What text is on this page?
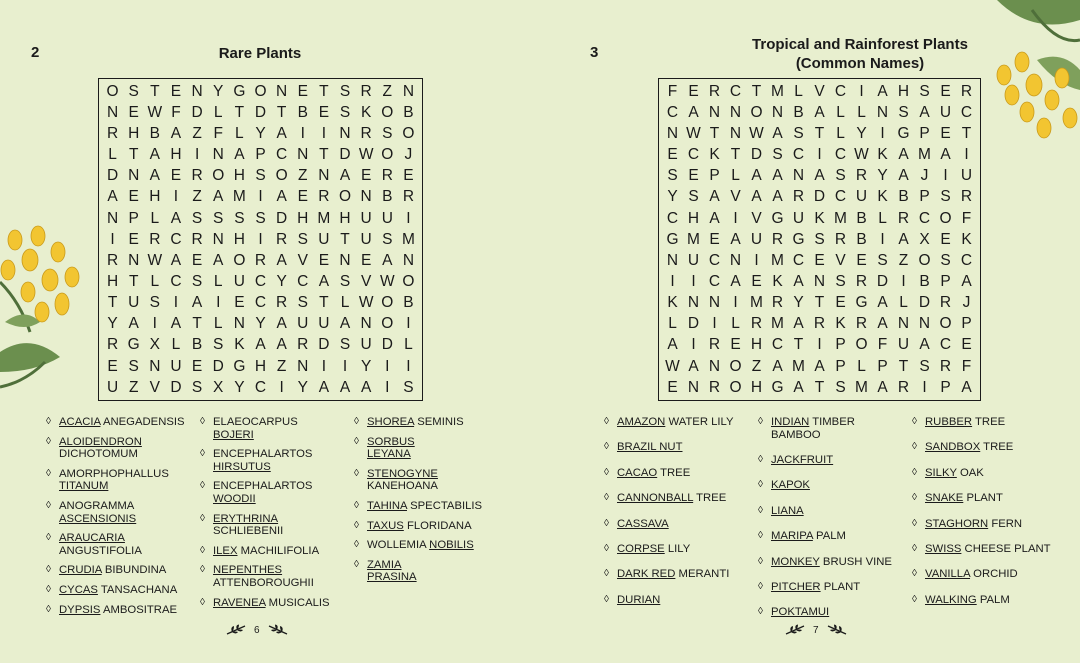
2	Rare Plants
O S T E N Y G O N E T S R Z N
N E W F D L T D T B E S K O B
R H B A Z F L Y A I	I N R S O
L T A H I N A P C N T D W O J
D N A E R O H S O Z N A E R E
A E H I Z A M I A E R O N B R
N P L A S S S S D H M H U U I
I E R C R N H I R S U T U S M
R N W A E A O R A V E N E A N
H T L C S L U C Y C A S V W O
T U S I A I E C R S T L W O B
Y A I A T L N Y A U U A N O I
R G X L B S K A A R D S U D L
E S N U E D G H Z N I	I Y I	I
U Z V D S X Y C I Y A A A I S
◊ ACACIA ANEGADENSIS
◊ ALOIDENDRON
DICHOTOMUM
◊ AMORPHOPHALLUS
TITANUM
◊ ANOGRAMMA
ASCENSIONIS
◊ ARAUCARIA
ANGUSTIFOLIA
◊ CRUDIA BIBUNDINA
◊ CYCAS TANSACHANA
◊ DYPSIS AMBOSITRAE
◊ ELAEOCARPUS
BOJERI
◊ ENCEPHALARTOS
HIRSUTUS
◊ ENCEPHALARTOS
WOODII
◊ ERYTHRINA
SCHLIEBENII
◊ ILEX MACHILIFOLIA
◊ NEPENTHES
ATTENBOROUGHII
◊ RAVENEA MUSICALIS
◊ SHOREA SEMINIS
◊ SORBUS
LEYANA
◊ STENOGYNE
KANEHOANA
◊ TAHINA SPECTABILIS
◊ TAXUS FLORIDANA
◊ WOLLEMIA NOBILIS
◊ ZAMIA
PRASINA
6
3	Tropical and Rainforest Plants
(Common Names)
F E R C T M L V C I A H S E R
C A N N O N B A L L N S A U C
N W T N W A S T L Y I G P E T
E C K T D S C I C W K A M A I
S E P L A A N A S R Y A J I U
Y S A V A A R D C U K B P S R
C H A I V G U K M B L R C O F
G M E A U R G S R B I A X E K
N U C N I M C E V E S Z O S C
I	I C A E K A N S R D I B P A
K N N I M R Y T E G A L D R J
L D I L R M A R K R A N N O P
A I R E H C T I P O F U A C E
W A N O Z A M A P L P T S R F
E N R O H G A T S M A R I P A
◊ AMAZON WATER LILY
◊ BRAZIL NUT
◊ CACAO TREE
◊ CANNONBALL TREE
◊ CASSAVA
◊ CORPSE LILY
◊ DARK RED MERANTI
◊ DURIAN
◊ INDIAN TIMBER
BAMBOO
◊ JACKFRUIT
◊ KAPOK
◊ LIANA
◊ MARIPA PALM
◊ MONKEY BRUSH VINE
◊ PITCHER PLANT
◊ POKTAMUI
◊ RUBBER TREE
◊ SANDBOX TREE
◊ SILKY OAK
◊ SNAKE PLANT
◊ STAGHORN FERN
◊ SWISS CHEESE PLANT
◊ VANILLA ORCHID
◊ WALKING PALM
7
